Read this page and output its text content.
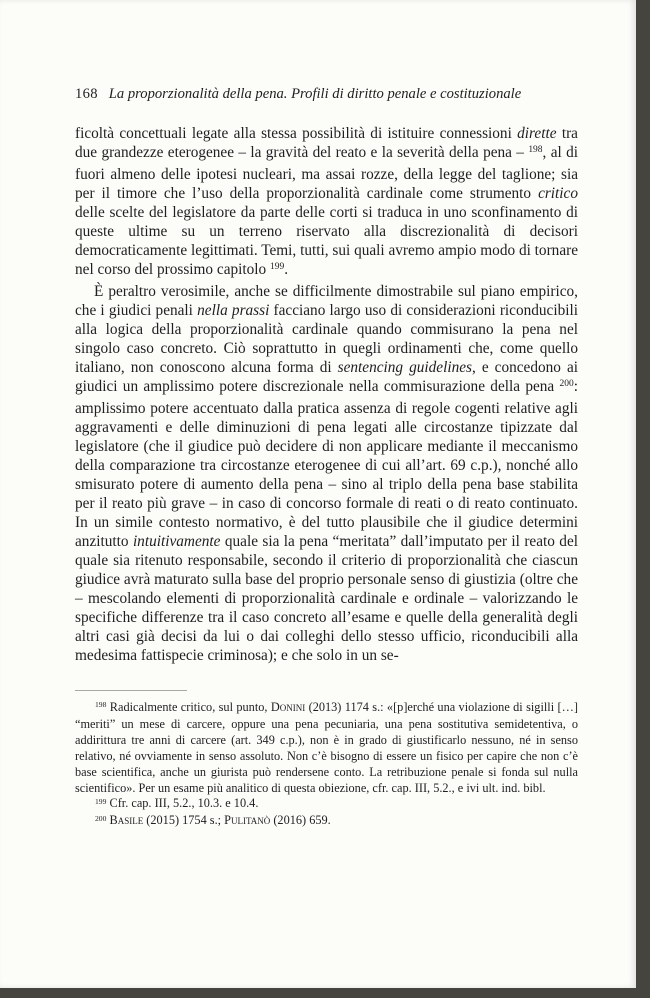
168 La proporzionalità della pena. Profili di diritto penale e costituzionale

ficoltà concettuali legate alla stessa possibilità di istituire connessioni dirette tra due grandezze eterogenee – la gravità del reato e la severità della pena – $^{198}$, al di fuori almeno delle ipotesi nucleari, ma assai rozze, della legge del taglione; sia per il timore che l’uso della proporzionalità cardinale come strumento critico delle scelte del legislatore da parte delle corti si traduca in uno sconfinamento di queste ultime su un terreno riservato alla discrezionalità di decisori democraticamente legittimati. Temi, tutti, sui quali avremo ampio modo di tornare nel corso del prossimo capitolo $^{199}$.

È peraltro verosimile, anche se difficilmente dimostrabile sul piano empirico, che i giudici penali nella prassi facciano largo uso di considerazioni riconducibili alla logica della proporzionalità cardinale quando commisurano la pena nel singolo caso concreto. Ciò soprattutto in quegli ordinamenti che, come quello italiano, non conoscono alcuna forma di sentencing guidelines, e concedono ai giudici un amplissimo potere discrezionale nella commisurazione della pena $^{200}$: amplissimo potere accentuato dalla pratica assenza di regole cogenti relative agli aggravamenti e delle diminuzioni di pena legati alle circostanze tipizzate dal legislatore (che il giudice può decidere di non applicare mediante il meccanismo della comparazione tra circostanze eterogenee di cui all’art. 69 c.p.), nonché allo smisurato potere di aumento della pena – sino al triplo della pena base stabilita per il reato più grave – in caso di concorso formale di reati o di reato continuato. In un simile contesto normativo, è del tutto plausibile che il giudice determini anzitutto intuitivamente quale sia la pena “meritata” dall’imputato per il reato del quale sia ritenuto responsabile, secondo il criterio di proporzionalità che ciascun giudice avrà maturato sulla base del proprio personale senso di giustizia (oltre che – mescolando elementi di proporzionalità cardinale e ordinale – valorizzando le specifiche differenze tra il caso concreto all’esame e quelle della generalità degli altri casi già decisi da lui o dai colleghi dello stesso ufficio, riconducibili alla medesima fattispecie criminosa); e che solo in un se-

$^{198}$ Radicalmente critico, sul punto, Donini (2013) 1174 s.: «[p]erché una violazione di sigilli […] “meriti” un mese di carcere, oppure una pena pecuniaria, una pena sostitutiva semidetentiva, o addirittura tre anni di carcere (art. 349 c.p.), non è in grado di giustificarlo nessuno, né in senso relativo, né ovviamente in senso assoluto. Non c’è bisogno di essere un fisico per capire che non c’è base scientifica, anche un giurista può rendersene conto. La retribuzione penale si fonda sul nulla scientifico». Per un esame più analitico di questa obiezione, cfr. cap. III, 5.2., e ivi ult. ind. bibl.

$^{199}$ Cfr. cap. III, 5.2., 10.3. e 10.4.

$^{200}$ Basile (2015) 1754 s.; Pulitanò (2016) 659.
